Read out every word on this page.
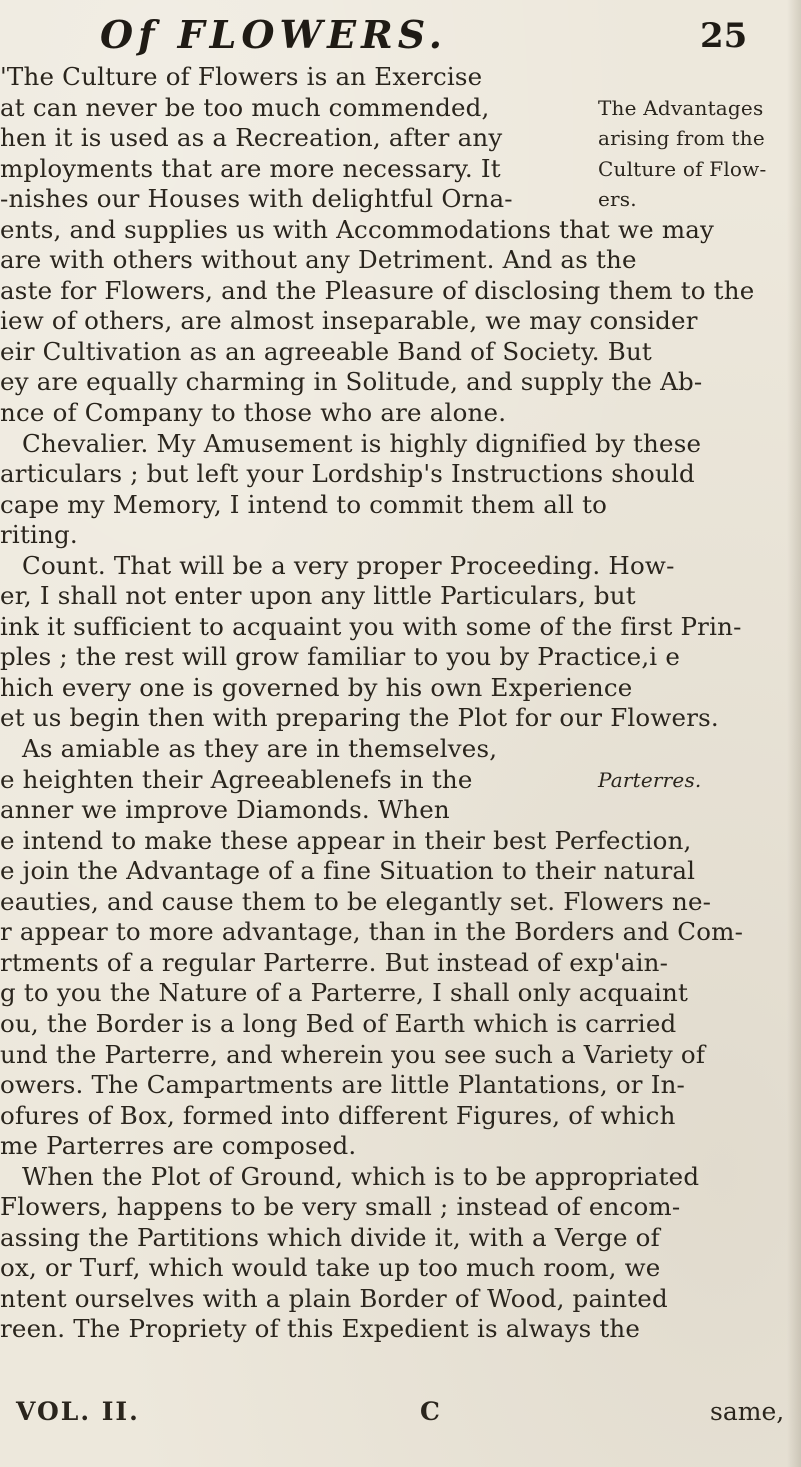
Of FLOWERS.	25
'The Culture of Flowers is an Exercise
at can never be too much commended,	The Advantages
hen it is used as a Recreation, after any	arising from the
mployments that are more necessary. It	Culture of Flow-
-nishes our Houses with delightful Orna-	ers.
ents, and supplies us with Accommodations that we may
are with others without any Detriment. And as the
aste for Flowers, and the Pleasure of disclosing them to the
iew of others, are almost inseparable, we may consider
eir Cultivation as an agreeable Band of Society. But
ey are equally charming in Solitude, and supply the Ab-
nce of Company to those who are alone.
Chevalier. My Amusement is highly dignified by these
articulars ; but left your Lordship's Instructions should
cape my Memory, I intend to commit them all to
riting.
Count. That will be a very proper Proceeding. How-
er, I shall not enter upon any little Particulars, but
ink it sufficient to acquaint you with some of the first Prin-
ples ; the rest will grow familiar to you by Practice,i e
hich every one is governed by his own Experience
et us begin then with preparing the Plot for our Flowers.
As amiable as they are in themselves,
e heighten their Agreeablenefs in the	Parterres.
anner we improve Diamonds. When
e intend to make these appear in their best Perfection,
e join the Advantage of a fine Situation to their natural
eauties, and cause them to be elegantly set. Flowers ne-
r appear to more advantage, than in the Borders and Com-
rtments of a regular Parterre. But instead of exp'ain-
g to you the Nature of a Parterre, I shall only acquaint
ou, the Border is a long Bed of Earth which is carried
und the Parterre, and wherein you see such a Variety of
owers. The Campartments are little Plantations, or In-
ofures of Box, formed into different Figures, of which
me Parterres are composed.
When the Plot of Ground, which is to be appropriated
Flowers, happens to be very small ; instead of encom-
assing the Partitions which divide it, with a Verge of
ox, or Turf, which would take up too much room, we
ntent ourselves with a plain Border of Wood, painted
reen. The Propriety of this Expedient is always the
VOL. II.	C	same,
